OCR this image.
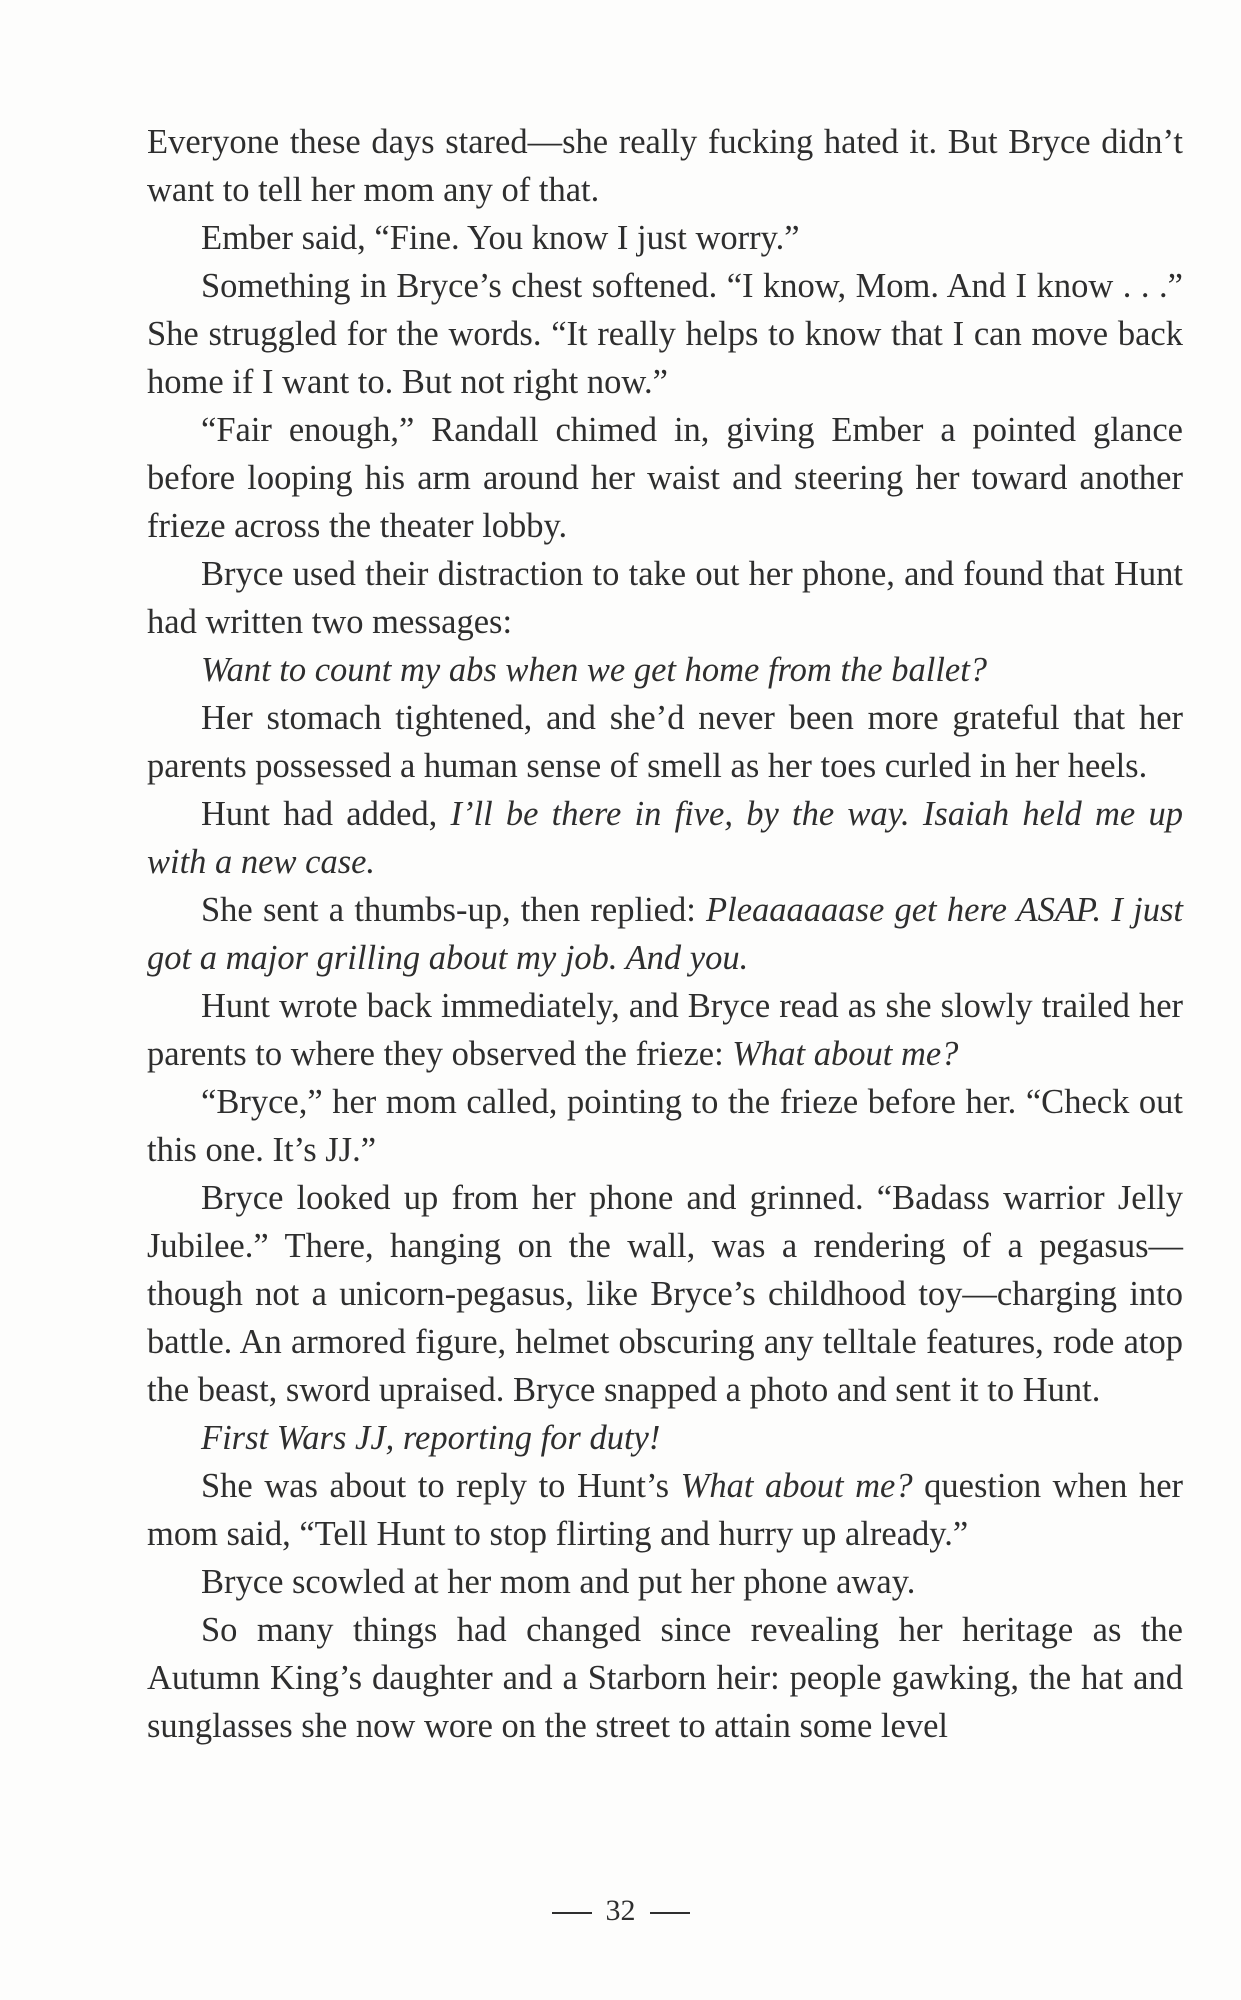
Everyone these days stared—she really fucking hated it. But Bryce didn’t want to tell her mom any of that.

Ember said, “Fine. You know I just worry.”

Something in Bryce’s chest softened. “I know, Mom. And I know . . .” She struggled for the words. “It really helps to know that I can move back home if I want to. But not right now.”

“Fair enough,” Randall chimed in, giving Ember a pointed glance before looping his arm around her waist and steering her toward another frieze across the theater lobby.

Bryce used their distraction to take out her phone, and found that Hunt had written two messages:

Want to count my abs when we get home from the ballet?

Her stomach tightened, and she’d never been more grateful that her parents possessed a human sense of smell as her toes curled in her heels.

Hunt had added, I’ll be there in five, by the way. Isaiah held me up with a new case.

She sent a thumbs-up, then replied: Pleaaaaaase get here ASAP. I just got a major grilling about my job. And you.

Hunt wrote back immediately, and Bryce read as she slowly trailed her parents to where they observed the frieze: What about me?

“Bryce,” her mom called, pointing to the frieze before her. “Check out this one. It’s JJ.”

Bryce looked up from her phone and grinned. “Badass warrior Jelly Jubilee.” There, hanging on the wall, was a rendering of a pegasus—though not a unicorn-pegasus, like Bryce’s childhood toy—charging into battle. An armored figure, helmet obscuring any telltale features, rode atop the beast, sword upraised. Bryce snapped a photo and sent it to Hunt.

First Wars JJ, reporting for duty!

She was about to reply to Hunt’s What about me? question when her mom said, “Tell Hunt to stop flirting and hurry up already.”

Bryce scowled at her mom and put her phone away.

So many things had changed since revealing her heritage as the Autumn King’s daughter and a Starborn heir: people gawking, the hat and sunglasses she now wore on the street to attain some level

32
